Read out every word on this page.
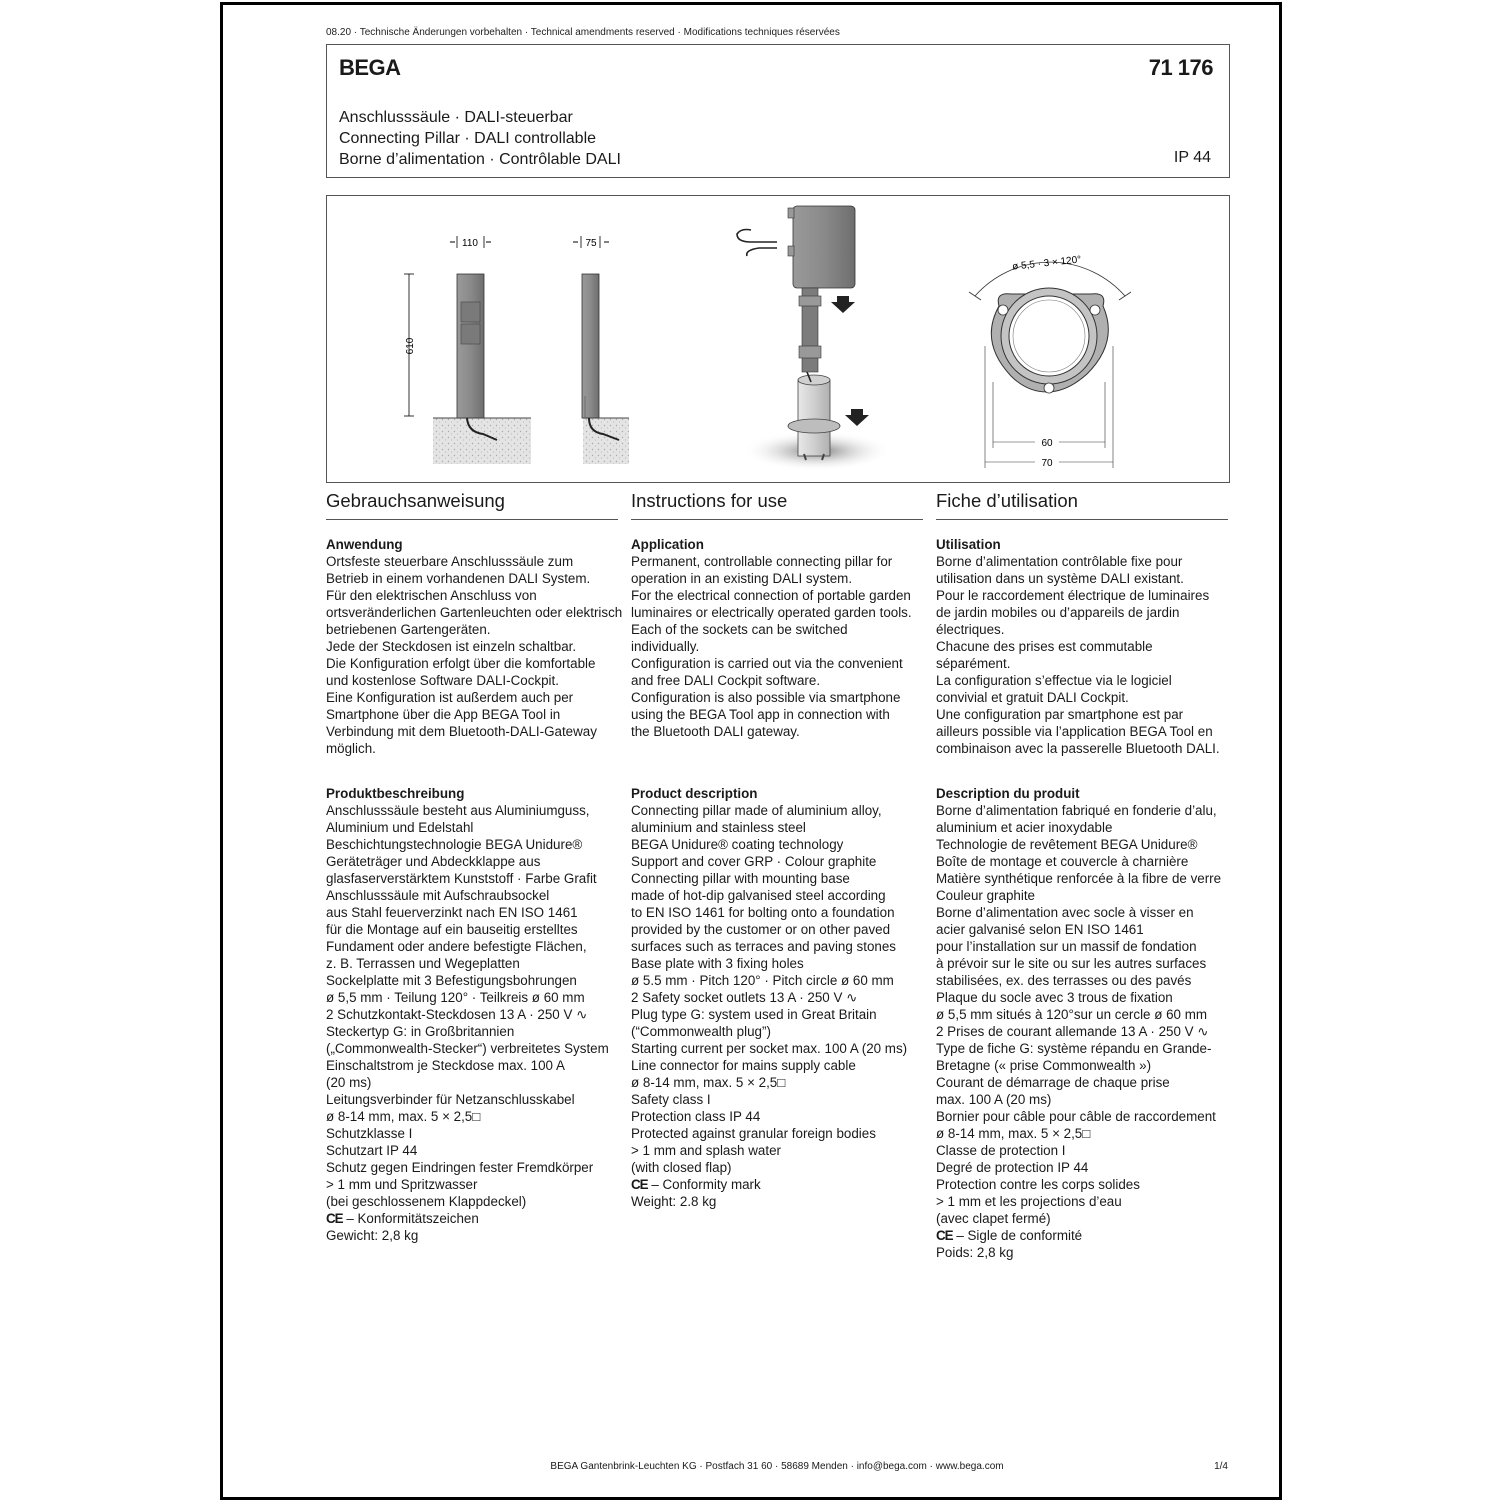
08.20 · Technische Änderungen vorbehalten · Technical amendments reserved · Modifications techniques réservées
BEGA	71 176
Anschlusssäule · DALI-steuerbar
Connecting Pillar · DALI controllable
Borne d’alimentation · Contrôlable DALI	IP 44
110
610
75
ø 5,5 · 3 × 120°
60
70
Gebrauchsanweisung
Anwendung
Ortsfeste steuerbare Anschlusssäule zum
Betrieb in einem vorhandenen DALI System.
Für den elektrischen Anschluss von
ortsveränderlichen Gartenleuchten oder elektrisch
betriebenen Gartengeräten.
Jede der Steckdosen ist einzeln schaltbar.
Die Konfiguration erfolgt über die komfortable
und kostenlose Software DALI-Cockpit.
Eine Konfiguration ist außerdem auch per
Smartphone über die App BEGA Tool in
Verbindung mit dem Bluetooth-DALI-Gateway
möglich.
Produktbeschreibung
Anschlusssäule besteht aus Aluminiumguss,
Aluminium und Edelstahl
Beschichtungstechnologie BEGA Unidure®
Geräteträger und Abdeckklappe aus
glasfaserverstärktem Kunststoff · Farbe Grafit
Anschlusssäule mit Aufschraubsockel
aus Stahl feuerverzinkt nach EN ISO 1461
für die Montage auf ein bauseitig erstelltes
Fundament oder andere befestigte Flächen,
z. B. Terrassen und Wegeplatten
Sockelplatte mit 3 Befestigungsbohrungen
ø 5,5 mm · Teilung 120° · Teilkreis ø 60 mm
2 Schutzkontakt-Steckdosen 13 A · 250 V ∿
Steckertyp G: in Großbritannien
(„Commonwealth-Stecker“) verbreitetes System
Einschaltstrom je Steckdose max. 100 A
(20 ms)
Leitungsverbinder für Netzanschlusskabel
ø 8-14 mm, max. 5 × 2,5□
Schutzklasse I
Schutzart IP 44
Schutz gegen Eindringen fester Fremdkörper
> 1 mm und Spritzwasser
(bei geschlossenem Klappdeckel)
CE – Konformitätszeichen
Gewicht: 2,8 kg
Instructions for use
Application
Permanent, controllable connecting pillar for
operation in an existing DALI system.
For the electrical connection of portable garden
luminaires or electrically operated garden tools.
Each of the sockets can be switched
individually.
Configuration is carried out via the convenient
and free DALI Cockpit software.
Configuration is also possible via smartphone
using the BEGA Tool app in connection with
the Bluetooth DALI gateway.
Product description
Connecting pillar made of aluminium alloy,
aluminium and stainless steel
BEGA Unidure® coating technology
Support and cover GRP · Colour graphite
Connecting pillar with mounting base
made of hot-dip galvanised steel according
to EN ISO 1461 for bolting onto a foundation
provided by the customer or on other paved
surfaces such as terraces and paving stones
Base plate with 3 fixing holes
ø 5.5 mm · Pitch 120° · Pitch circle ø 60 mm
2 Safety socket outlets 13 A · 250 V ∿
Plug type G: system used in Great Britain
(“Commonwealth plug”)
Starting current per socket max. 100 A (20 ms)
Line connector for mains supply cable
ø 8-14 mm, max. 5 × 2,5□
Safety class I
Protection class IP 44
Protected against granular foreign bodies
> 1 mm and splash water
(with closed flap)
CE – Conformity mark
Weight: 2.8 kg
Fiche d’utilisation
Utilisation
Borne d’alimentation contrôlable fixe pour
utilisation dans un système DALI existant.
Pour le raccordement électrique de luminaires
de jardin mobiles ou d’appareils de jardin
électriques.
Chacune des prises est commutable
séparément.
La configuration s’effectue via le logiciel
convivial et gratuit DALI Cockpit.
Une configuration par smartphone est par
ailleurs possible via l’application BEGA Tool en
combinaison avec la passerelle Bluetooth DALI.
Description du produit
Borne d’alimentation fabriqué en fonderie d’alu,
aluminium et acier inoxydable
Technologie de revêtement BEGA Unidure®
Boîte de montage et couvercle à charnière
Matière synthétique renforcée à la fibre de verre
Couleur graphite
Borne d’alimentation avec socle à visser en
acier galvanisé selon EN ISO 1461
pour l’installation sur un massif de fondation
à prévoir sur le site ou sur les autres surfaces
stabilisées, ex. des terrasses ou des pavés
Plaque du socle avec 3 trous de fixation
ø 5,5 mm situés à 120°sur un cercle ø 60 mm
2 Prises de courant allemande 13 A · 250 V ∿
Type de fiche G: système répandu en Grande-
Bretagne (« prise Commonwealth »)
Courant de démarrage de chaque prise
max. 100 A (20 ms)
Bornier pour câble pour câble de raccordement
ø 8-14 mm, max. 5 × 2,5□
Classe de protection I
Degré de protection IP 44
Protection contre les corps solides
> 1 mm et les projections d’eau
(avec clapet fermé)
CE – Sigle de conformité
Poids: 2,8 kg
BEGA Gantenbrink-Leuchten KG · Postfach 31 60 · 58689 Menden · info@bega.com · www.bega.com	1/4
